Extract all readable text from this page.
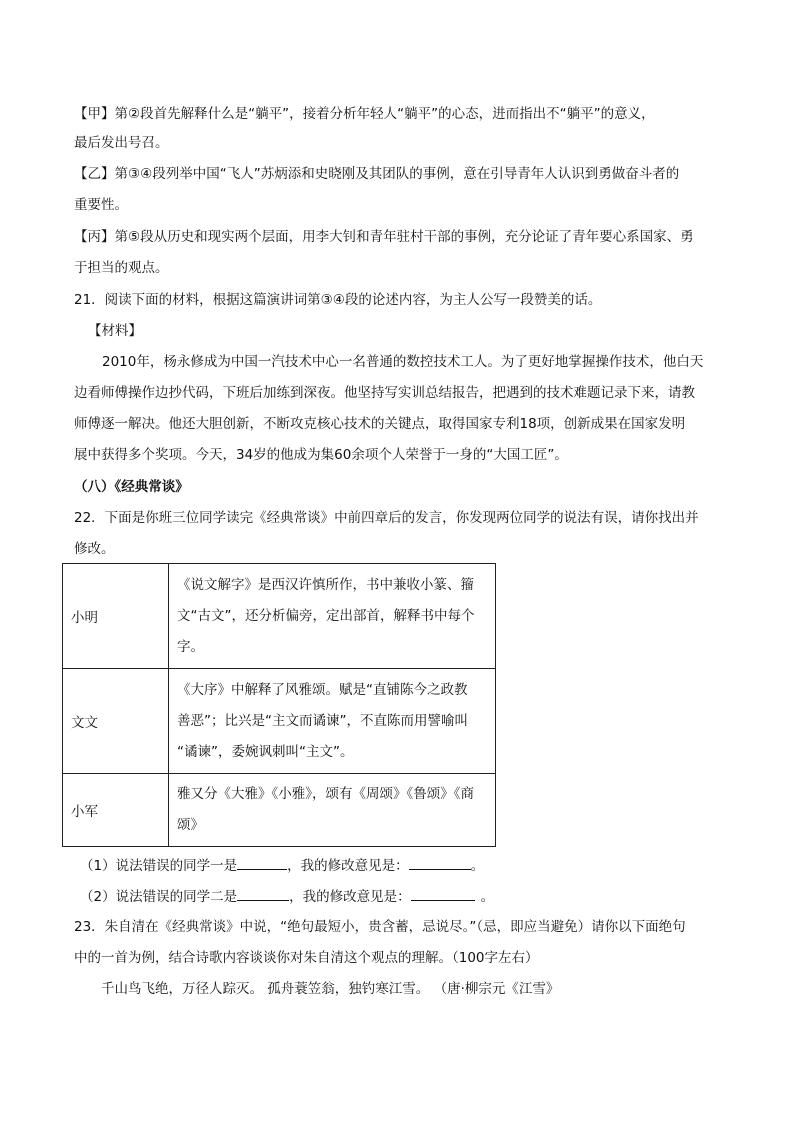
【甲】第②段首先解释什么是“躺平”，接着分析年轻人“躺平”的心态，进而指出不“躺平”的意义，
最后发出号召。
【乙】第③④段列举中国“飞人”苏炳添和史晓刚及其团队的事例，意在引导青年人认识到勇做奋斗者的
重要性。
【丙】第⑤段从历史和现实两个层面，用李大钊和青年驻村干部的事例，充分论证了青年要心系国家、勇
于担当的观点。
21．阅读下面的材料，根据这篇演讲词第③④段的论述内容，为主人公写一段赞美的话。
【材料】
2010年，杨永修成为中国一汽技术中心一名普通的数控技术工人。为了更好地掌握操作技术，他白天
边看师傅操作边抄代码，下班后加练到深夜。他坚持写实训总结报告，把遇到的技术难题记录下来，请教
师傅逐一解决。他还大胆创新，不断攻克核心技术的关键点，取得国家专利18项，创新成果在国家发明
展中获得多个奖项。今天，34岁的他成为集60余项个人荣誉于一身的“大国工匠”。
（八）《经典常谈》
22．下面是你班三位同学读完《经典常谈》中前四章后的发言，你发现两位同学的说法有误，请你找出并
修改。
小明	《说文解字》是西汉许慎所作，书中兼收小篆、籀
文“古文”，还分析偏旁，定出部首，解释书中每个
字。

文文	《大序》中解释了风雅颂。赋是“直铺陈今之政教
善恶”；比兴是“主文而谲谏”，不直陈而用譬喻叫
“谲谏”，委婉讽刺叫“主文”。

小军	雅又分《大雅》《小雅》，颂有《周颂》《鲁颂》《商
颂》
（1）说法错误的同学一是	，我的修改意见是：	。
（2）说法错误的同学二是	，我的修改意见是：	。
23．朱自清在《经典常谈》中说，“绝句最短小，贵含蓄，忌说尽。”（忌，即应当避免）请你以下面绝句
中的一首为例，结合诗歌内容谈谈你对朱自清这个观点的理解。（100字左右）
千山鸟飞绝，万径人踪灭。 孤舟蓑笠翁，独钓寒江雪。 （唐·柳宗元《江雪》
